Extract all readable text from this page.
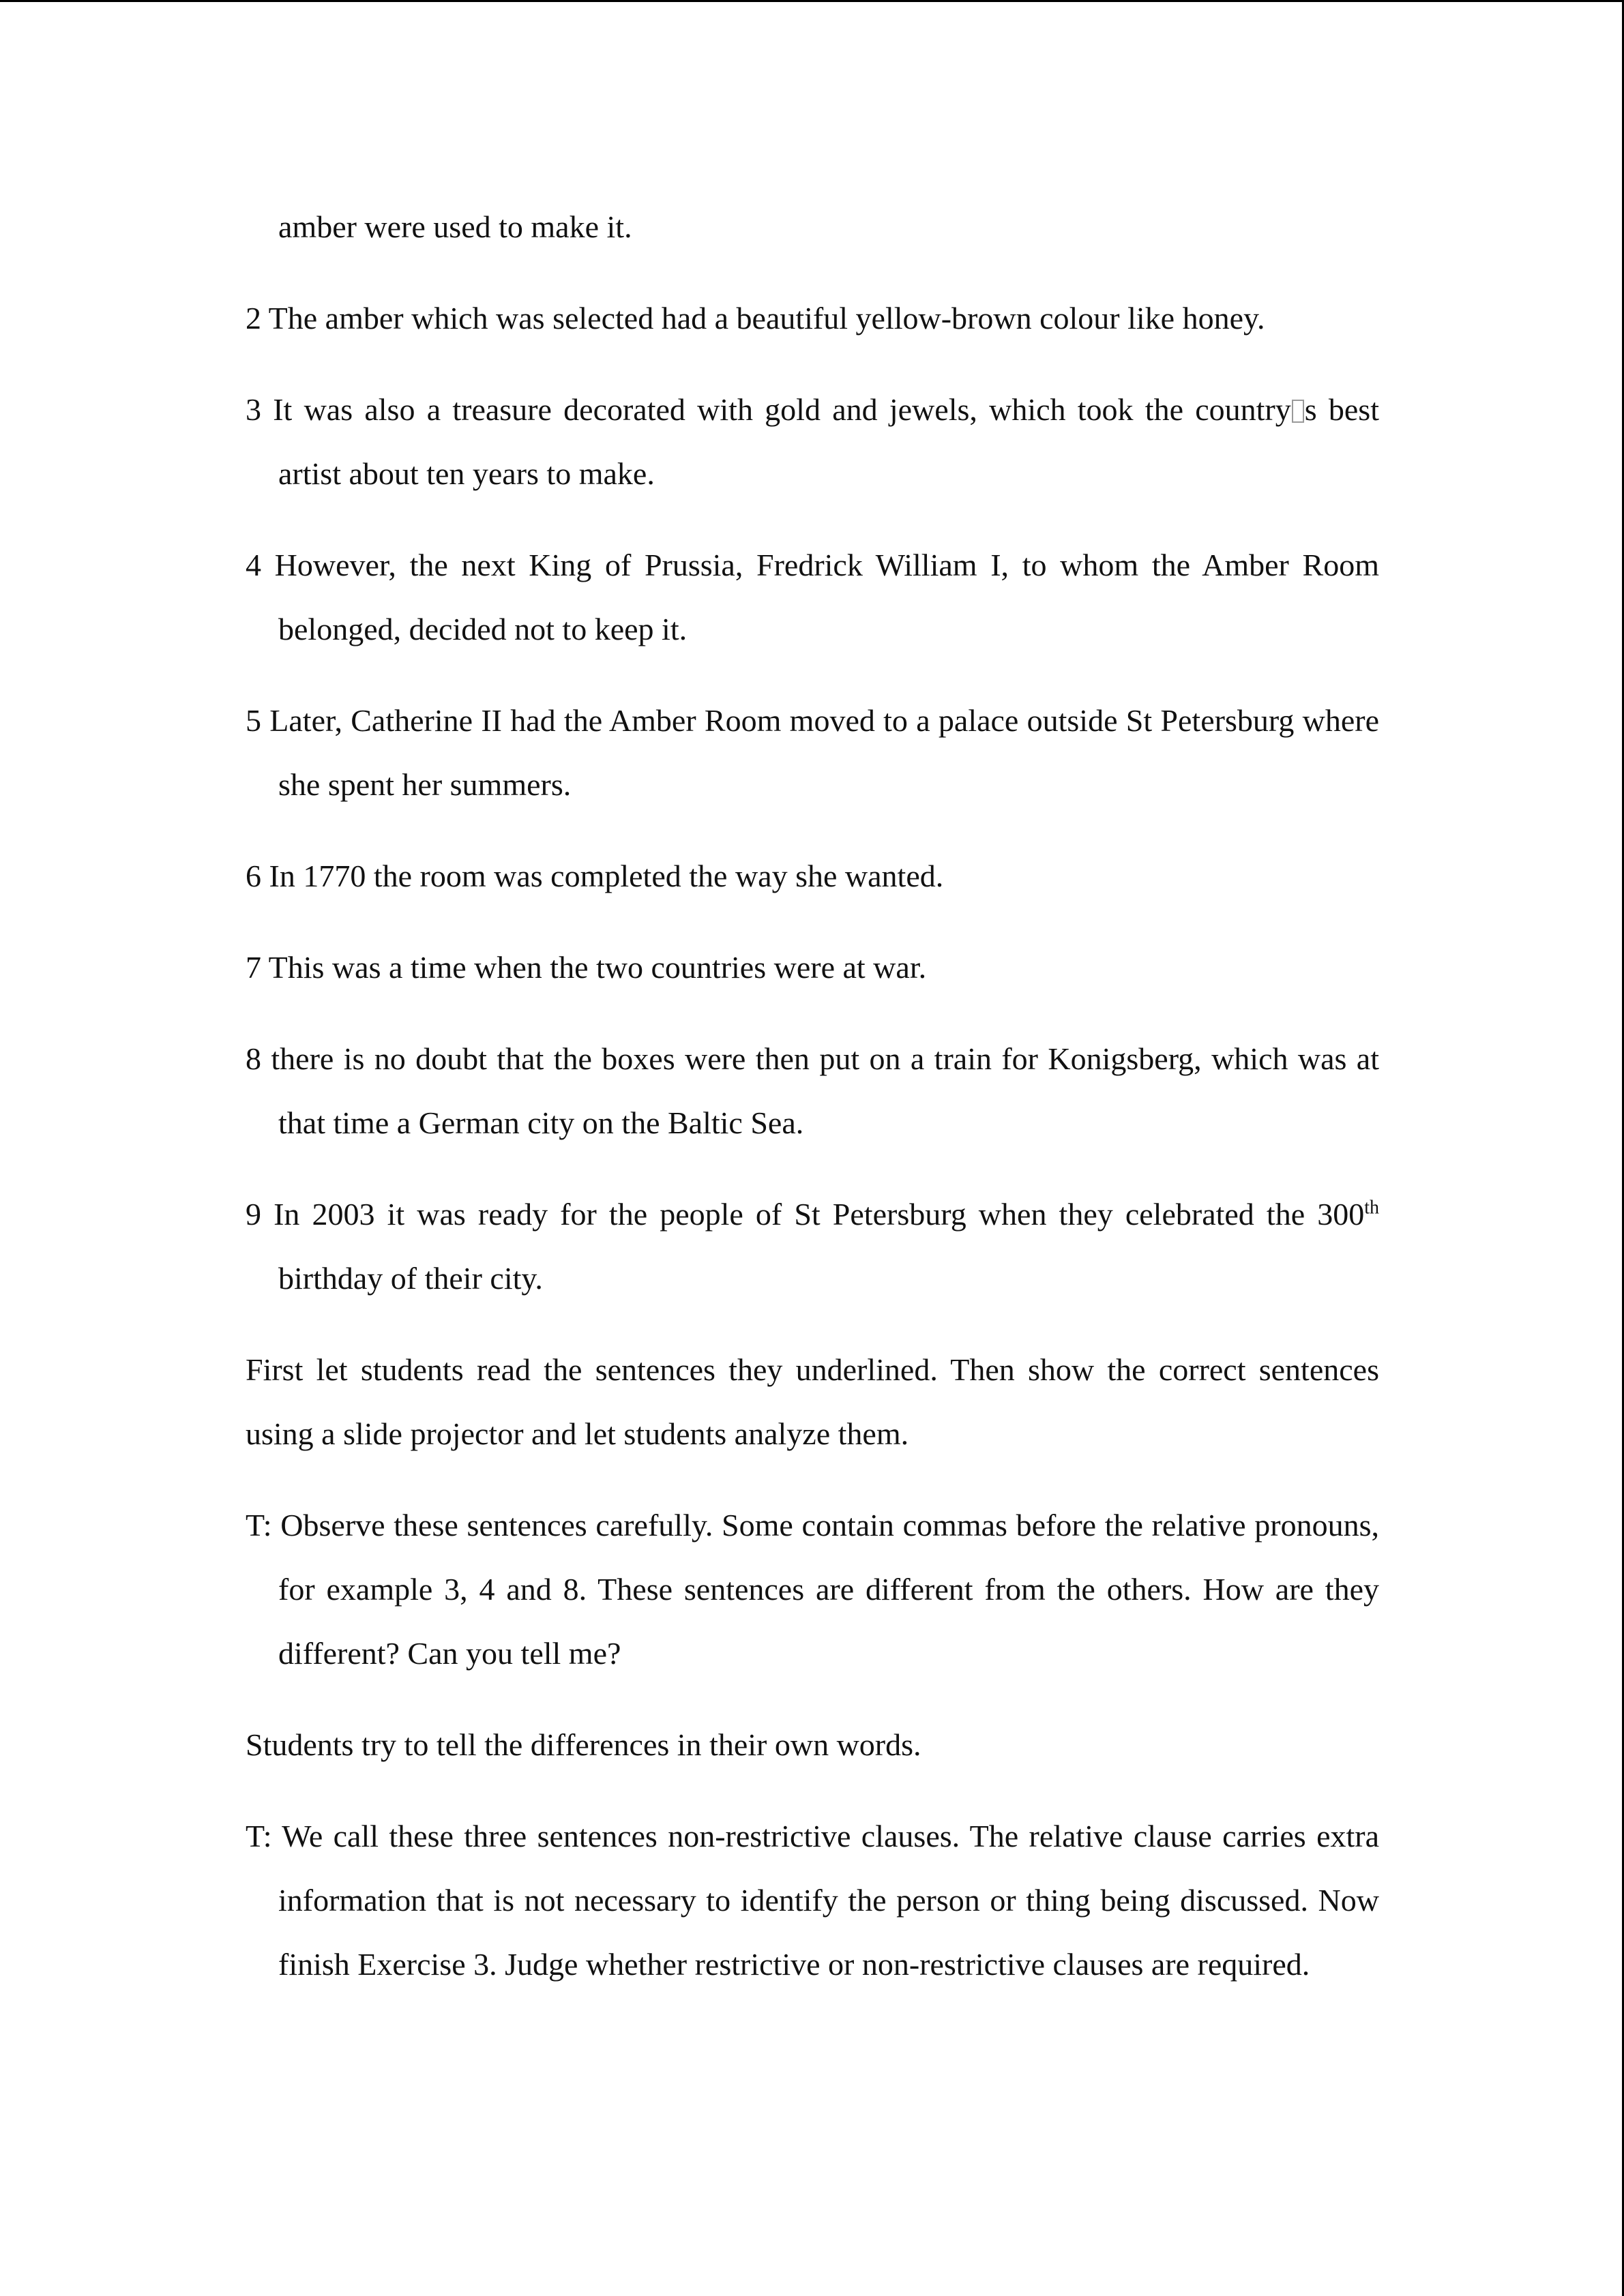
amber were used to make it.

2 The amber which was selected had a beautiful yellow-brown colour like honey.

3 It was also a treasure decorated with gold and jewels, which took the country s best artist about ten years to make.

4 However, the next King of Prussia, Fredrick William I, to whom the Amber Room belonged, decided not to keep it.

5 Later, Catherine II had the Amber Room moved to a palace outside St Petersburg where she spent her summers.

6 In 1770 the room was completed the way she wanted.

7 This was a time when the two countries were at war.

8 there is no doubt that the boxes were then put on a train for Konigsberg, which was at that time a German city on the Baltic Sea.

9 In 2003 it was ready for the people of St Petersburg when they celebrated the 300th birthday of their city.

First let students read the sentences they underlined. Then show the correct sentences using a slide projector and let students analyze them.

T: Observe these sentences carefully. Some contain commas before the relative pronouns, for example 3, 4 and 8. These sentences are different from the others. How are they different? Can you tell me?

Students try to tell the differences in their own words.

T: We call these three sentences non-restrictive clauses. The relative clause carries extra information that is not necessary to identify the person or thing being discussed. Now finish Exercise 3. Judge whether restrictive or non-restrictive clauses are required.
